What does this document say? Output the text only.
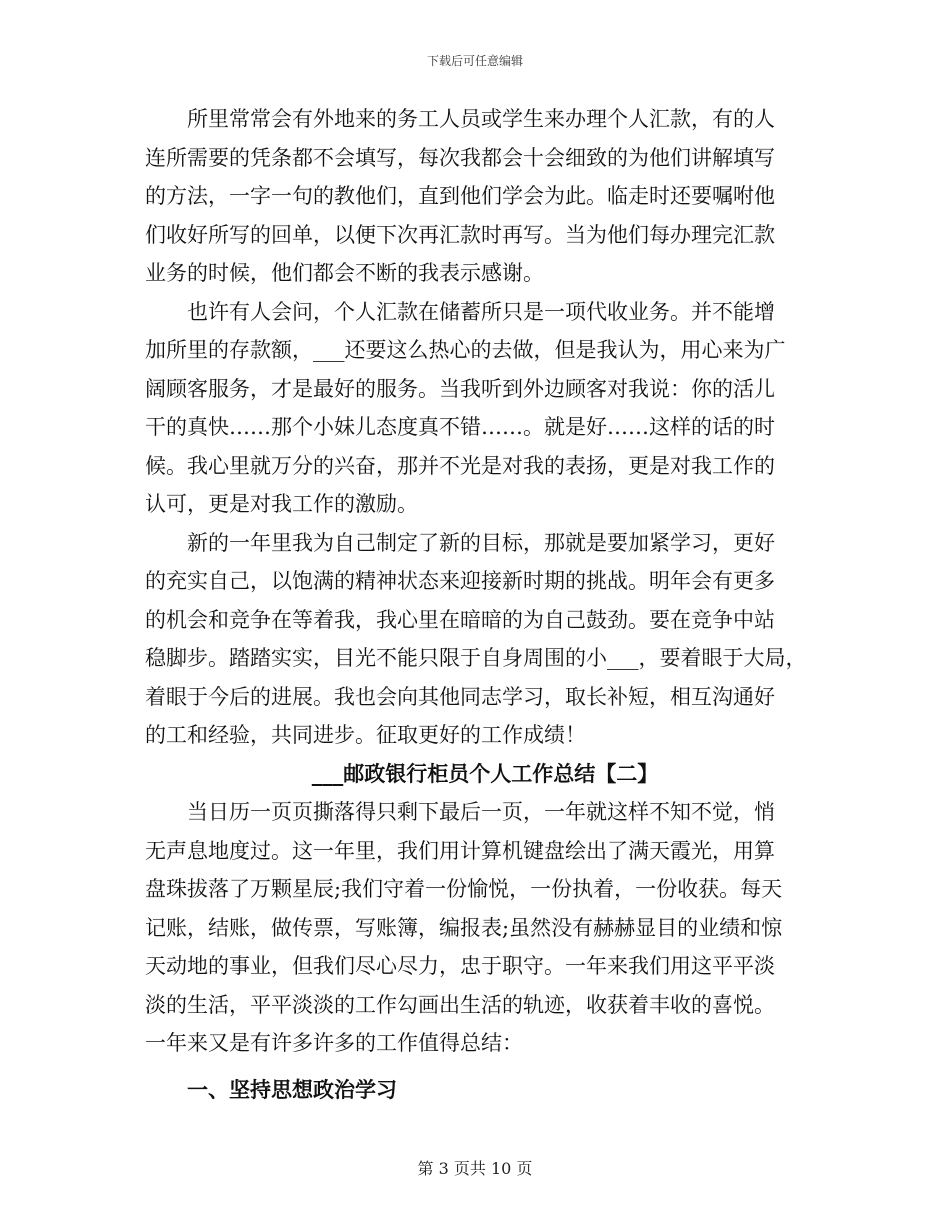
下载后可任意编辑
所里常常会有外地来的务工人员或学生来办理个人汇款，有的人
连所需要的凭条都不会填写，每次我都会十会细致的为他们讲解填写
的方法，一字一句的教他们，直到他们学会为此。临走时还要嘱咐他
们收好所写的回单，以便下次再汇款时再写。当为他们每办理完汇款
业务的时候，他们都会不断的我表示感谢。
也许有人会问，个人汇款在储蓄所只是一项代收业务。并不能增
加所里的存款额，___还要这么热心的去做，但是我认为，用心来为广
阔顾客服务，才是最好的服务。当我听到外边顾客对我说：你的活儿
干的真快……那个小妹儿态度真不错……。就是好……这样的话的时
候。我心里就万分的兴奋，那并不光是对我的表扬，更是对我工作的
认可，更是对我工作的激励。
新的一年里我为自己制定了新的目标，那就是要加紧学习，更好
的充实自己，以饱满的精神状态来迎接新时期的挑战。明年会有更多
的机会和竞争在等着我，我心里在暗暗的为自己鼓劲。要在竞争中站
稳脚步。踏踏实实，目光不能只限于自身周围的小___，要着眼于大局，
着眼于今后的进展。我也会向其他同志学习，取长补短，相互沟通好
的工和经验，共同进步。征取更好的工作成绩！
___邮政银行柜员个人工作总结【二】
当日历一页页撕落得只剩下最后一页，一年就这样不知不觉，悄
无声息地度过。这一年里，我们用计算机键盘绘出了满天霞光，用算
盘珠拔落了万颗星辰;我们守着一份愉悦，一份执着，一份收获。每天
记账，结账，做传票，写账簿，编报表;虽然没有赫赫显目的业绩和惊
天动地的事业，但我们尽心尽力，忠于职守。一年来我们用这平平淡
淡的生活，平平淡淡的工作勾画出生活的轨迹，收获着丰收的喜悦。
一年来又是有许多许多的工作值得总结：
一、坚持思想政治学习
第 3 页共 10 页
